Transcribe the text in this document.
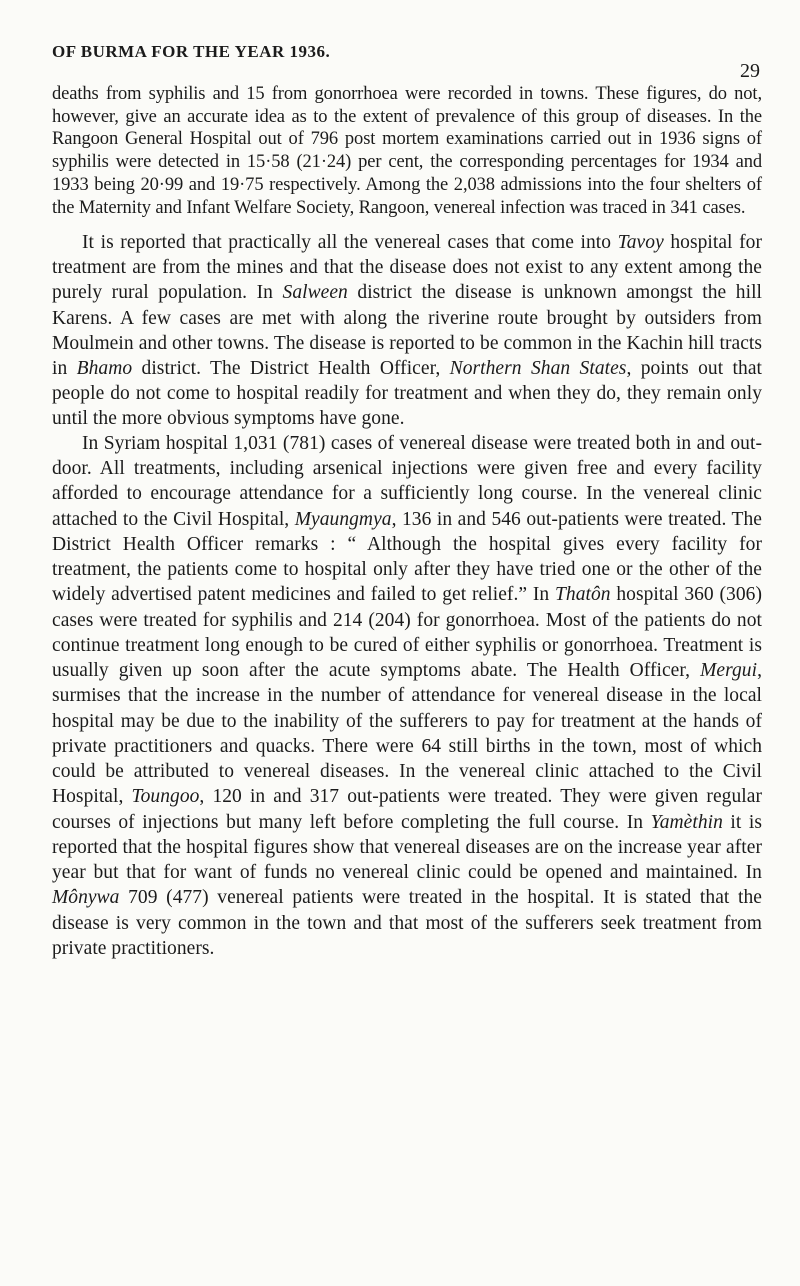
OF BURMA FOR THE YEAR 1936.
29

deaths from syphilis and 15 from gonorrhoea were recorded in towns. These figures, do not, however, give an accurate idea as to the extent of prevalence of this group of diseases. In the Rangoon General Hospital out of 796 post mortem examinations carried out in 1936 signs of syphilis were detected in 15·58 (21·24) per cent, the corresponding percentages for 1934 and 1933 being 20·99 and 19·75 respectively. Among the 2,038 admissions into the four shelters of the Maternity and Infant Welfare Society, Rangoon, venereal infection was traced in 341 cases.

It is reported that practically all the venereal cases that come into Tavoy hospital for treatment are from the mines and that the disease does not exist to any extent among the purely rural population. In Salween district the disease is unknown amongst the hill Karens. A few cases are met with along the riverine route brought by outsiders from Moulmein and other towns. The disease is reported to be common in the Kachin hill tracts in Bhamo district. The District Health Officer, Northern Shan States, points out that people do not come to hospital readily for treatment and when they do, they remain only until the more obvious symptoms have gone.

In Syriam hospital 1,031 (781) cases of venereal disease were treated both in and out-door. All treatments, including arsenical injections were given free and every facility afforded to encourage attendance for a sufficiently long course. In the venereal clinic attached to the Civil Hospital, Myaungmya, 136 in and 546 out-patients were treated. The District Health Officer remarks : “ Although the hospital gives every facility for treatment, the patients come to hospital only after they have tried one or the other of the widely advertised patent medicines and failed to get relief.” In Thatôn hospital 360 (306) cases were treated for syphilis and 214 (204) for gonorrhoea. Most of the patients do not continue treatment long enough to be cured of either syphilis or gonorrhoea. Treatment is usually given up soon after the acute symptoms abate. The Health Officer, Mergui, surmises that the increase in the number of attendance for venereal disease in the local hospital may be due to the inability of the sufferers to pay for treatment at the hands of private practitioners and quacks. There were 64 still births in the town, most of which could be attributed to venereal diseases. In the venereal clinic attached to the Civil Hospital, Toungoo, 120 in and 317 out-patients were treated. They were given regular courses of injections but many left before completing the full course. In Yamèthin it is reported that the hospital figures show that venereal diseases are on the increase year after year but that for want of funds no venereal clinic could be opened and maintained. In Mônywa 709 (477) venereal patients were treated in the hospital. It is stated that the disease is very common in the town and that most of the sufferers seek treatment from private practitioners.
